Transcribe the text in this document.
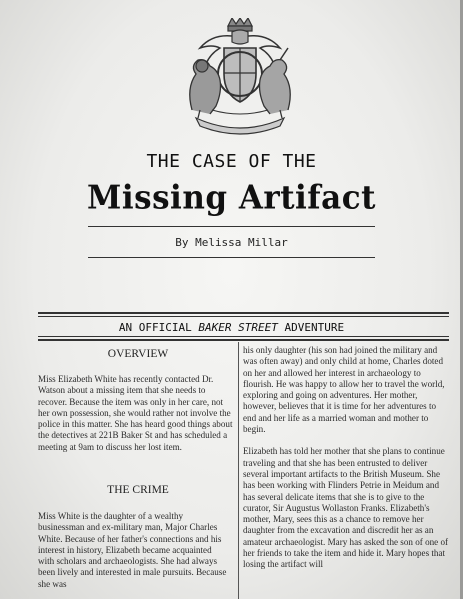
THE CASE OF THE
Missing Artifact
By Melissa Millar
AN OFFICIAL BAKER STREET ADVENTURE
OVERVIEW

Miss Elizabeth White has recently contacted Dr. Watson about a missing item that she needs to recover. Because the item was only in her care, not her own possession, she would rather not involve the police in this matter. She has heard good things about the detectives at 221B Baker St and has scheduled a meeting at 9am to discuss her lost item.

THE CRIME

Miss White is the daughter of a wealthy businessman and ex-military man, Major Charles White. Because of her father's connections and his interest in history, Elizabeth became acquainted with scholars and archaeologists. She had always been lively and interested in male pursuits. Because she was

his only daughter (his son had joined the military and was often away) and only child at home, Charles doted on her and allowed her interest in archaeology to flourish. He was happy to allow her to travel the world, exploring and going on adventures. Her mother, however, believes that it is time for her adventures to end and her life as a married woman and mother to begin.

Elizabeth has told her mother that she plans to continue traveling and that she has been entrusted to deliver several important artifacts to the British Museum. She has been working with Flinders Petrie in Meidum and has several delicate items that she is to give to the curator, Sir Augustus Wollaston Franks. Elizabeth's mother, Mary, sees this as a chance to remove her daughter from the excavation and discredit her as an amateur archaeologist. Mary has asked the son of one of her friends to take the item and hide it. Mary hopes that losing the artifact will
